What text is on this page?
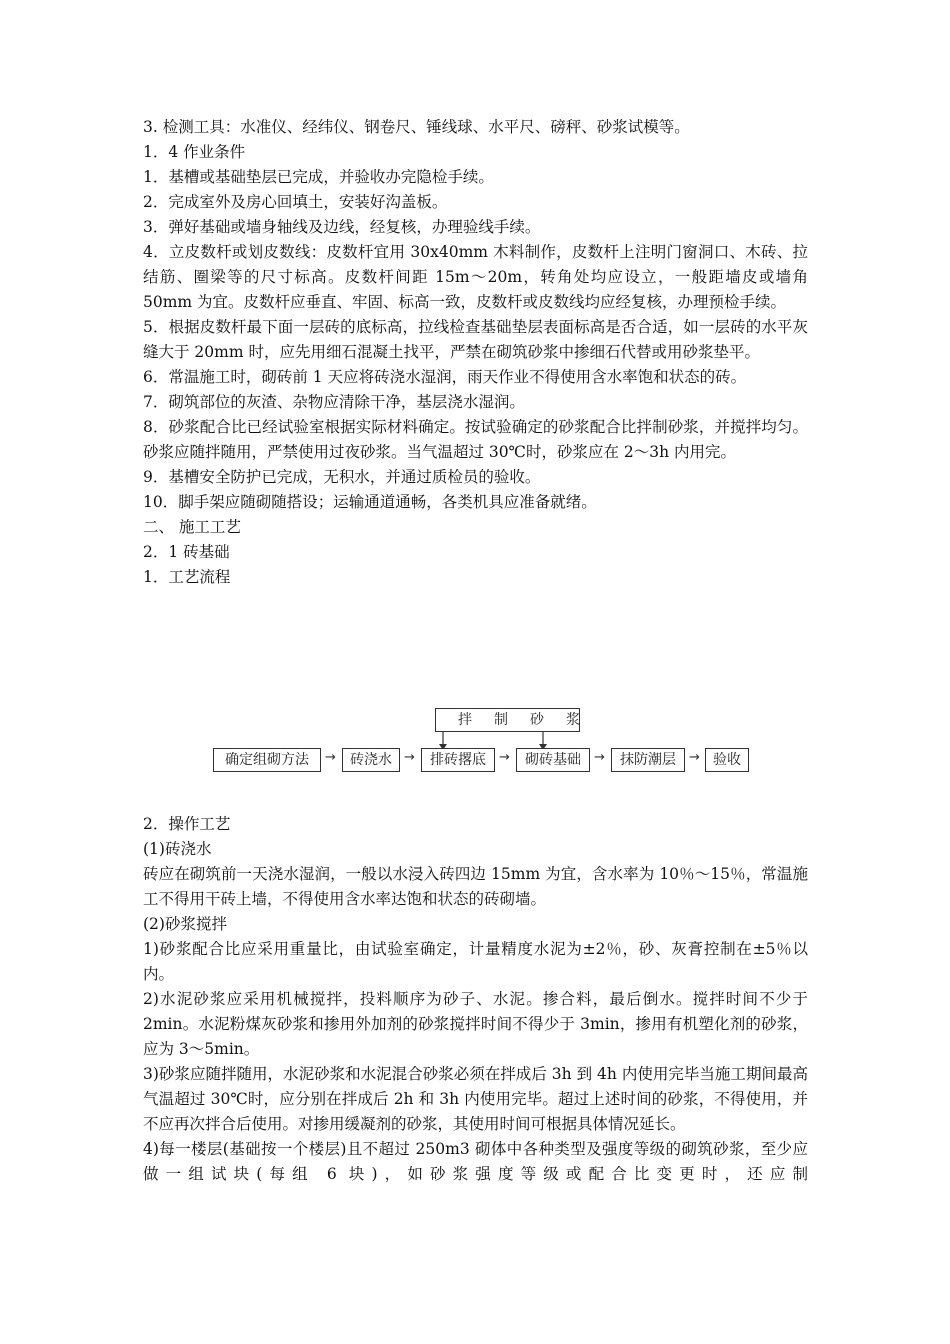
3. 检测工具：水准仪、经纬仪、钢卷尺、锤线球、水平尺、磅秤、砂浆试模等。

1．4 作业条件

1．基槽或基础垫层已完成，并验收办完隐检手续。

2．完成室外及房心回填土，安装好沟盖板。

3．弹好基础或墙身轴线及边线，经复核，办理验线手续。

4．立皮数杆或划皮数线：皮数杆宜用 30x40mm 木料制作，皮数杆上注明门窗洞口、木砖、拉结筋、圈梁等的尺寸标高。皮数杆间距 15m～20m，转角处均应设立，一般距墙皮或墙角 50mm 为宜。皮数杆应垂直、牢固、标高一致，皮数杆或皮数线均应经复核，办理预检手续。

5．根据皮数杆最下面一层砖的底标高，拉线检查基础垫层表面标高是否合适，如一层砖的水平灰缝大于 20mm 时，应先用细石混凝土找平，严禁在砌筑砂浆中掺细石代替或用砂浆垫平。

6．常温施工时，砌砖前 1 天应将砖浇水湿润，雨天作业不得使用含水率饱和状态的砖。

7．砌筑部位的灰渣、杂物应清除干净，基层浇水湿润。

8．砂浆配合比已经试验室根据实际材料确定。按试验确定的砂浆配合比拌制砂浆，并搅拌均匀。砂浆应随拌随用，严禁使用过夜砂浆。当气温超过 30℃时，砂浆应在 2～3h 内用完。

9．基槽安全防护已完成，无积水，并通过质检员的验收。

10．脚手架应随砌随搭设；运输通道通畅，各类机具应准备就绪。

二、 施工工艺

2．1 砖基础

1．工艺流程

拌制砂浆
确定组砌方法	→	砖浇水 →	排砖撂底	→	砌砖基础	→	抹防潮层	→ 验收

2．操作工艺

(1)砖浇水

砖应在砌筑前一天浇水湿润，一般以水浸入砖四边 15mm 为宜，含水率为 10％～15％，常温施工不得用干砖上墙，不得使用含水率达饱和状态的砖砌墙。

(2)砂浆搅拌

1)砂浆配合比应采用重量比，由试验室确定，计量精度水泥为±2％，砂、灰膏控制在±5％以内。

2)水泥砂浆应采用机械搅拌，投料顺序为砂子、水泥。掺合料，最后倒水。搅拌时间不少于 2min。水泥粉煤灰砂浆和掺用外加剂的砂浆搅拌时间不得少于 3min，掺用有机塑化剂的砂浆，应为 3～5min。

3)砂浆应随拌随用，水泥砂浆和水泥混合砂浆必须在拌成后 3h 到 4h 内使用完毕当施工期间最高气温超过 30℃时，应分别在拌成后 2h 和 3h 内使用完毕。超过上述时间的砂浆，不得使用，并不应再次拌合后使用。对掺用缓凝剂的砂浆，其使用时间可根据具体情况延长。

4)每一楼层(基础按一个楼层)且不超过 250m3 砌体中各种类型及强度等级的砌筑砂浆，至少应做一组试块(每组 6 块)，如砂浆强度等级或配合比变更时，还应制
